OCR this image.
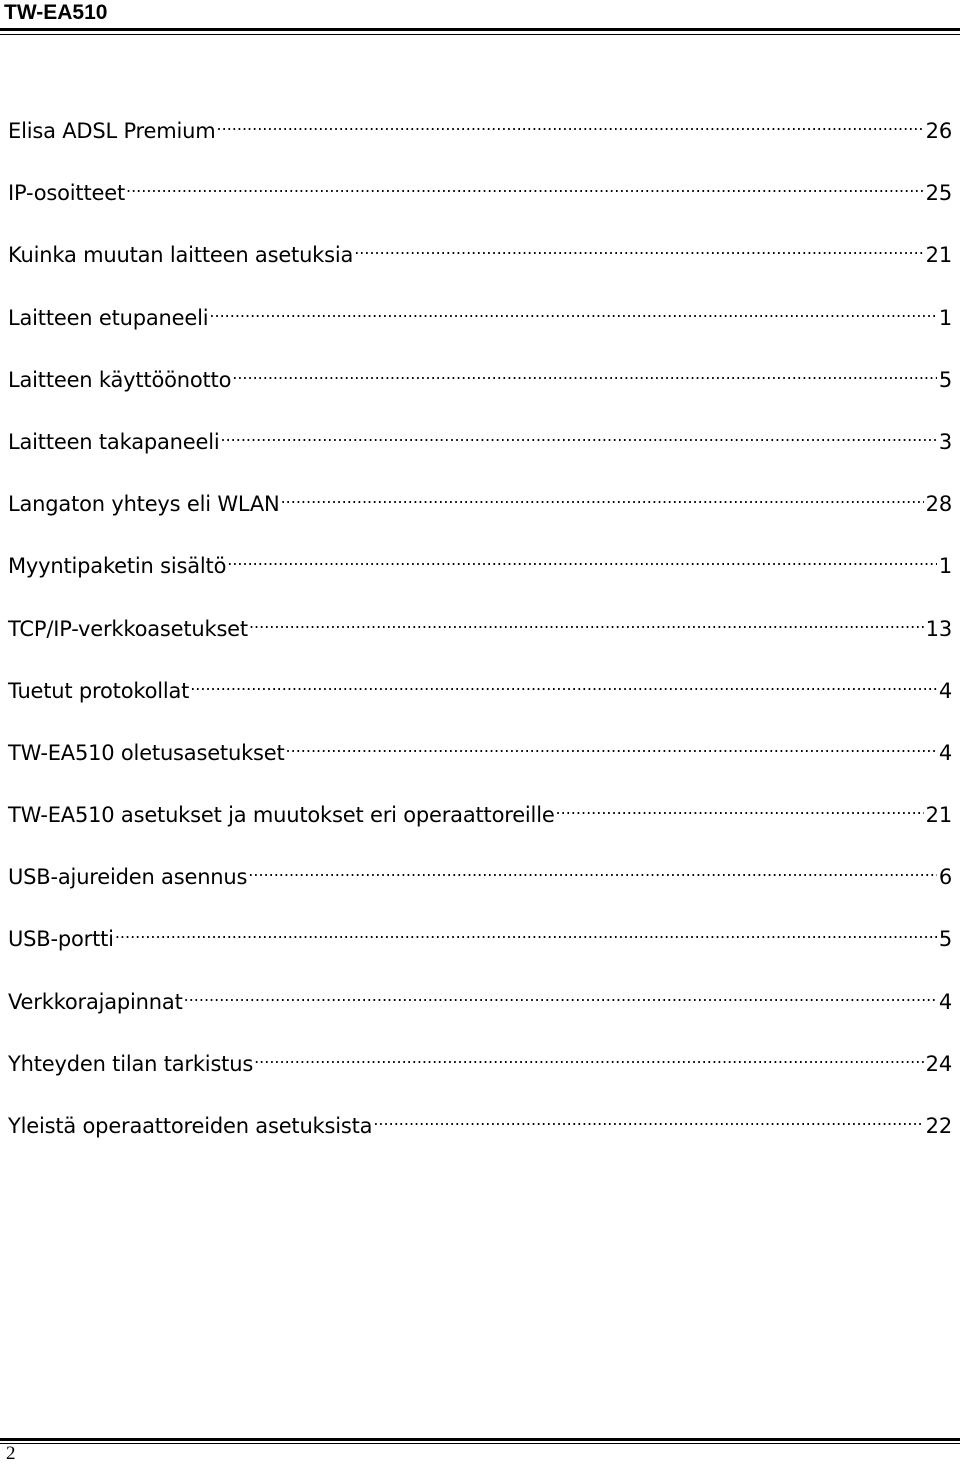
TW-EA510
Elisa ADSL Premium .....	26
IP-osoitteet .....	25
Kuinka muutan laitteen asetuksia .....	21
Laitteen etupaneeli .....	1
Laitteen käyttöönotto .....	5
Laitteen takapaneeli .....	3
Langaton yhteys eli WLAN .....	28
Myyntipaketin sisältö .....	1
TCP/IP-verkkoasetukset .....	13
Tuetut protokollat .....	4
TW-EA510 oletusasetukset .....	4
TW-EA510 asetukset ja muutokset eri operaattoreille .....	21
USB-ajureiden asennus .....	6
USB-portti .....	5
Verkkorajapinnat .....	4
Yhteyden tilan tarkistus .....	24
Yleistä operaattoreiden asetuksista .....	22
2
